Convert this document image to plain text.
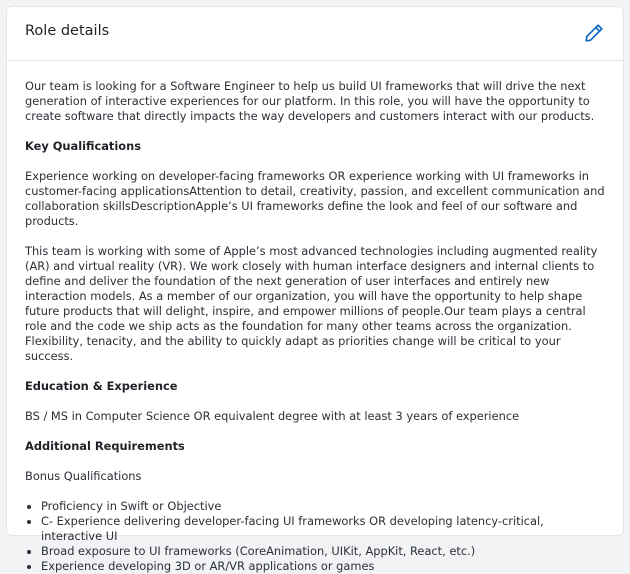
Role details

Our team is looking for a Software Engineer to help us build UI frameworks that will drive the next generation of interactive experiences for our platform. In this role, you will have the opportunity to create software that directly impacts the way developers and customers interact with our products.

Key Qualifications

Experience working on developer-facing frameworks OR experience working with UI frameworks in customer-facing applicationsAttention to detail, creativity, passion, and excellent communication and collaboration skillsDescriptionApple’s UI frameworks define the look and feel of our software and products.

This team is working with some of Apple’s most advanced technologies including augmented reality (AR) and virtual reality (VR). We work closely with human interface designers and internal clients to define and deliver the foundation of the next generation of user interfaces and entirely new interaction models. As a member of our organization, you will have the opportunity to help shape future products that will delight, inspire, and empower millions of people.Our team plays a central role and the code we ship acts as the foundation for many other teams across the organization. Flexibility, tenacity, and the ability to quickly adapt as priorities change will be critical to your success.

Education & Experience

BS / MS in Computer Science OR equivalent degree with at least 3 years of experience

Additional Requirements

Bonus Qualifications

• Proficiency in Swift or Objective
• C- Experience delivering developer-facing UI frameworks OR developing latency-critical, interactive UI
• Broad exposure to UI frameworks (CoreAnimation, UIKit, AppKit, React, etc.)
• Experience developing 3D or AR/VR applications or games
